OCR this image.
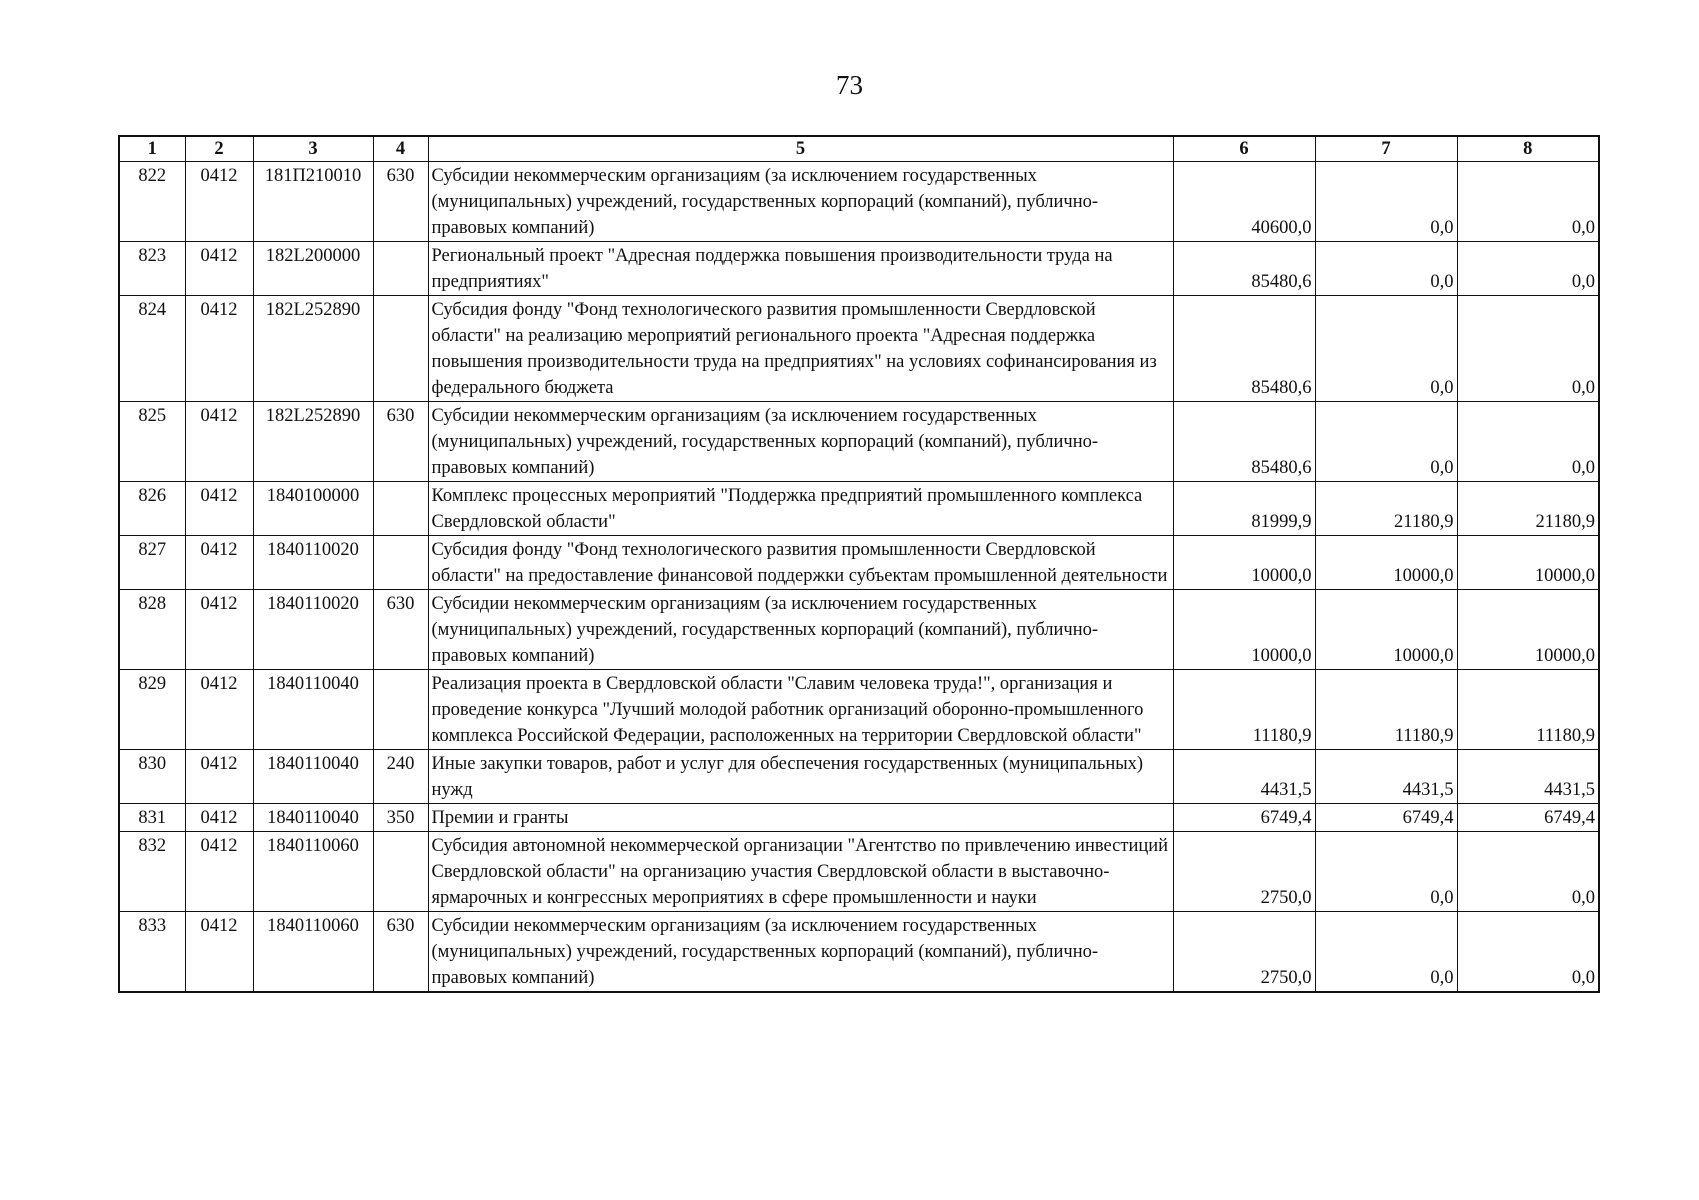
73
1	2	3	4	5	6	7	8
822	0412	181П210010	630	Субсидии некоммерческим организациям (за исключением государственных (муниципальных) учреждений, государственных корпораций (компаний), публично-правовых компаний)	40600,0	0,0	0,0
823	0412	182L200000		Региональный проект "Адресная поддержка повышения производительности труда на предприятиях"	85480,6	0,0	0,0
824	0412	182L252890		Субсидия фонду "Фонд технологического развития промышленности Свердловской области" на реализацию мероприятий регионального проекта "Адресная поддержка повышения производительности труда на предприятиях" на условиях софинансирования из федерального бюджета	85480,6	0,0	0,0
825	0412	182L252890	630	Субсидии некоммерческим организациям (за исключением государственных (муниципальных) учреждений, государственных корпораций (компаний), публично-правовых компаний)	85480,6	0,0	0,0
826	0412	1840100000		Комплекс процессных мероприятий "Поддержка предприятий промышленного комплекса Свердловской области"	81999,9	21180,9	21180,9
827	0412	1840110020		Субсидия фонду "Фонд технологического развития промышленности Свердловской области" на предоставление финансовой поддержки субъектам промышленной деятельности	10000,0	10000,0	10000,0
828	0412	1840110020	630	Субсидии некоммерческим организациям (за исключением государственных (муниципальных) учреждений, государственных корпораций (компаний), публично-правовых компаний)	10000,0	10000,0	10000,0
829	0412	1840110040		Реализация проекта в Свердловской области "Славим человека труда!", организация и проведение конкурса "Лучший молодой работник организаций оборонно-промышленного комплекса Российской Федерации, расположенных на территории Свердловской области"	11180,9	11180,9	11180,9
830	0412	1840110040	240	Иные закупки товаров, работ и услуг для обеспечения государственных (муниципальных) нужд	4431,5	4431,5	4431,5
831	0412	1840110040	350	Премии и гранты	6749,4	6749,4	6749,4
832	0412	1840110060		Субсидия автономной некоммерческой организации "Агентство по привлечению инвестиций Свердловской области" на организацию участия Свердловской области в выставочно-ярмарочных и конгрессных мероприятиях в сфере промышленности и науки	2750,0	0,0	0,0
833	0412	1840110060	630	Субсидии некоммерческим организациям (за исключением государственных (муниципальных) учреждений, государственных корпораций (компаний), публично-правовых компаний)	2750,0	0,0	0,0
